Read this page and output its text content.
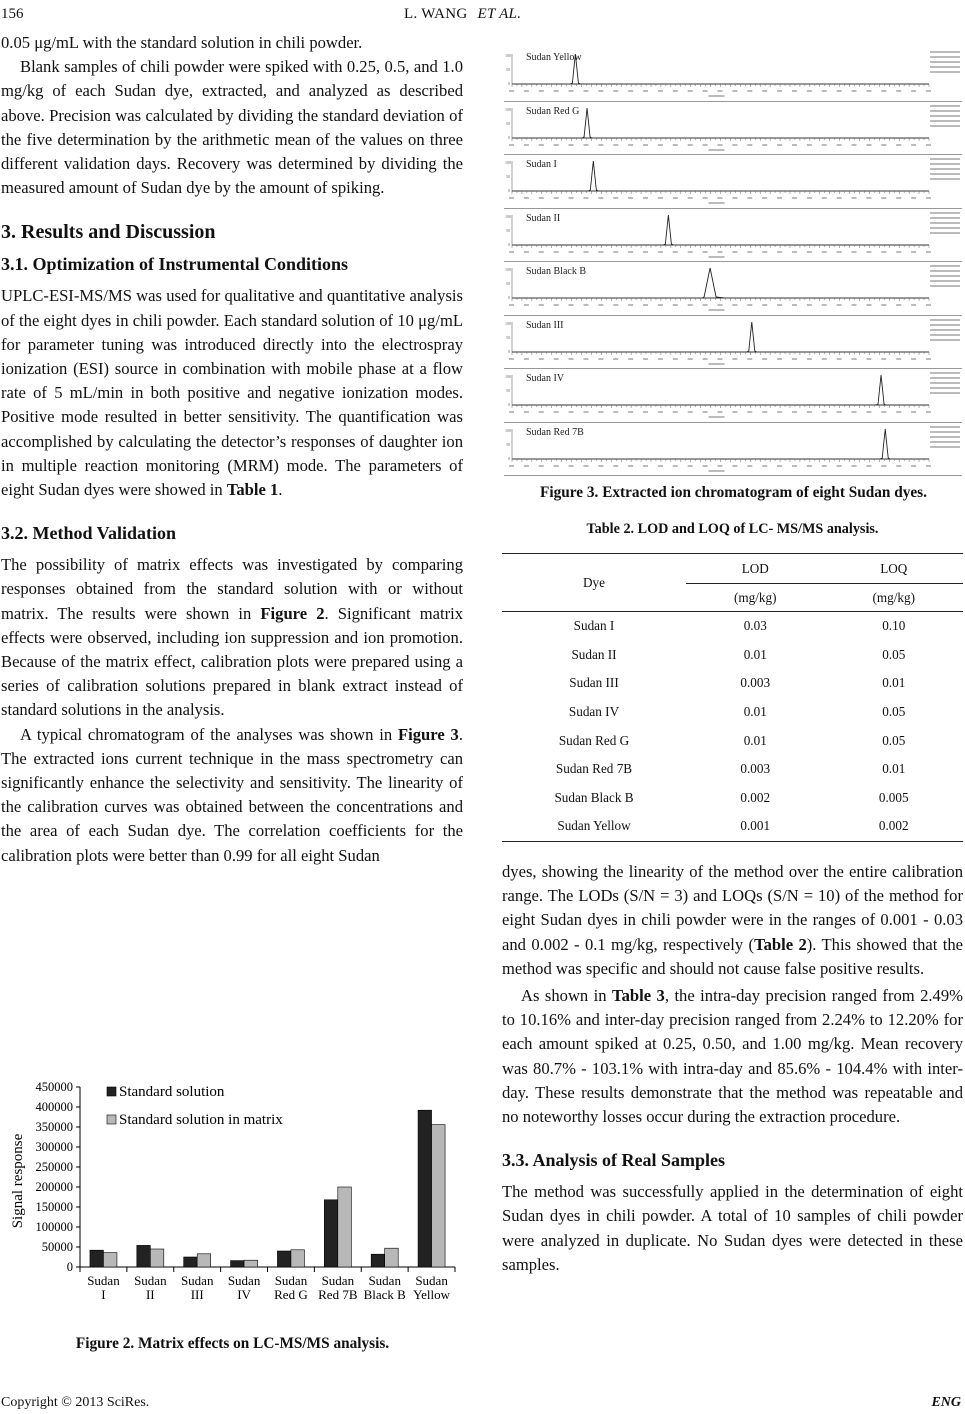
156	L. WANG ET AL.

0.05 μg/mL with the standard solution in chili powder.

Blank samples of chili powder were spiked with 0.25, 0.5, and 1.0 mg/kg of each Sudan dye, extracted, and analyzed as described above. Precision was calculated by dividing the standard deviation of the five determination by the arithmetic mean of the values on three different validation days. Recovery was determined by dividing the measured amount of Sudan dye by the amount of spiking.

3. Results and Discussion
3.1. Optimization of Instrumental Conditions

UPLC-ESI-MS/MS was used for qualitative and quantitative analysis of the eight dyes in chili powder. Each standard solution of 10 μg/mL for parameter tuning was introduced directly into the electrospray ionization (ESI) source in combination with mobile phase at a flow rate of 5 mL/min in both positive and negative ionization modes. Positive mode resulted in better sensitivity. The quantification was accomplished by calculating the detector’s responses of daughter ion in multiple reaction monitoring (MRM) mode. The parameters of eight Sudan dyes were showed in Table 1.

3.2. Method Validation

The possibility of matrix effects was investigated by comparing responses obtained from the standard solution with or without matrix. The results were shown in Figure 2. Significant matrix effects were observed, including ion suppression and ion promotion. Because of the matrix effect, calibration plots were prepared using a series of calibration solutions prepared in blank extract instead of standard solutions in the analysis.

A typical chromatogram of the analyses was shown in Figure 3. The extracted ions current technique in the mass spectrometry can significantly enhance the selectivity and sensitivity. The linearity of the calibration curves was obtained between the concentrations and the area of each Sudan dye. The correlation coefficients for the calibration plots were better than 0.99 for all eight Sudan

0
50000
100000
150000
200000
250000
300000
350000
400000
450000
Sudan
I
Sudan
II
Sudan
III
Sudan
IV
Sudan
Red G
Sudan
Red 7B
Sudan
Black B
Sudan
Yellow
Signal response
Standard solution
Standard solution in matrix
Figure 2. Matrix effects on LC-MS/MS analysis.
100
50
0
Sudan Yellow
100
50
0
Sudan Red G
100
50
0
Sudan I
100
50
0
Sudan II
100
50
0
Sudan Black B
100
50
0
Sudan III
100
50
0
Sudan IV
100
50
0
Sudan Red 7B
Figure 3. Extracted ion chromatogram of eight Sudan dyes.
Table 2. LOD and LOQ of LC- MS/MS analysis.
Dye	LOD	LOQ
	(mg/kg)	(mg/kg)
Sudan I	0.03	0.10
Sudan II	0.01	0.05
Sudan III	0.003	0.01
Sudan IV	0.01	0.05
Sudan Red G	0.01	0.05
Sudan Red 7B	0.003	0.01
Sudan Black B	0.002	0.005
Sudan Yellow	0.001	0.002

dyes, showing the linearity of the method over the entire calibration range. The LODs (S/N = 3) and LOQs (S/N = 10) of the method for eight Sudan dyes in chili powder were in the ranges of 0.001 - 0.03 and 0.002 - 0.1 mg/kg, respectively (Table 2). This showed that the method was specific and should not cause false positive results.

As shown in Table 3, the intra-day precision ranged from 2.49% to 10.16% and inter-day precision ranged from 2.24% to 12.20% for each amount spiked at 0.25, 0.50, and 1.00 mg/kg. Mean recovery was 80.7% - 103.1% with intra-day and 85.6% - 104.4% with inter-day. These results demonstrate that the method was repeatable and no noteworthy losses occur during the extraction procedure.

3.3. Analysis of Real Samples

The method was successfully applied in the determination of eight Sudan dyes in chili powder. A total of 10 samples of chili powder were analyzed in duplicate. No Sudan dyes were detected in these samples.

Copyright © 2013 SciRes.	ENG
